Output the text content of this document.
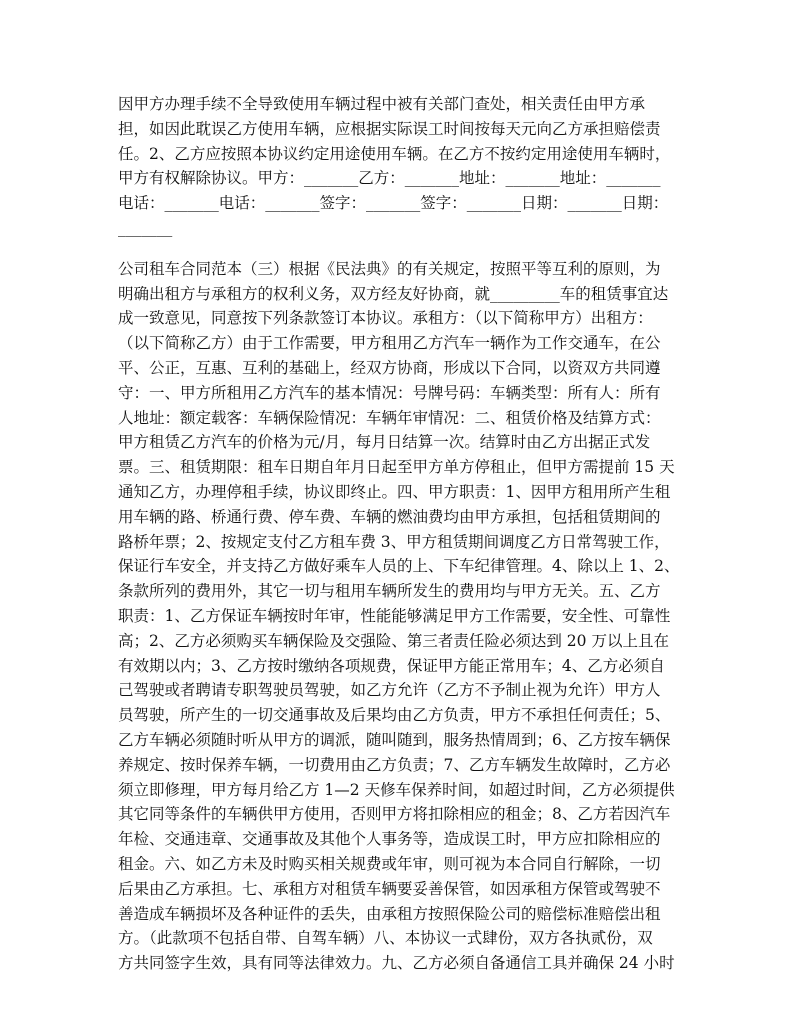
因甲方办理手续不全导致使用车辆过程中被有关部门查处，相关责任由甲方承
担，如因此耽误乙方使用车辆，应根据实际误工时间按每天元向乙方承担赔偿责
任。2、乙方应按照本协议约定用途使用车辆。在乙方不按约定用途使用车辆时，
甲方有权解除协议。甲方：_______乙方：_______地址：_______地址：_______
电话：_______电话：_______签字：_______签字：_______日期：_______日期：
_______
公司租车合同范本（三）根据《民法典》的有关规定，按照平等互利的原则，为
明确出租方与承租方的权利义务，双方经友好协商，就_________车的租赁事宜达
成一致意见，同意按下列条款签订本协议。承租方：（以下简称甲方）出租方：
（以下简称乙方）由于工作需要，甲方租用乙方汽车一辆作为工作交通车，在公
平、公正，互惠、互利的基础上，经双方协商，形成以下合同，以资双方共同遵
守：一、甲方所租用乙方汽车的基本情况：号牌号码：车辆类型：所有人：所有
人地址：额定载客：车辆保险情况：车辆年审情况：二、租赁价格及结算方式：
甲方租赁乙方汽车的价格为元/月，每月日结算一次。结算时由乙方出据正式发
票。三、租赁期限：租车日期自年月日起至甲方单方停租止，但甲方需提前 15 天
通知乙方，办理停租手续，协议即终止。四、甲方职责：1、因甲方租用所产生租
用车辆的路、桥通行费、停车费、车辆的燃油费均由甲方承担，包括租赁期间的
路桥年票；2、按规定支付乙方租车费 3、甲方租赁期间调度乙方日常驾驶工作，
保证行车安全，并支持乙方做好乘车人员的上、下车纪律管理。4、除以上 1、2、
条款所列的费用外，其它一切与租用车辆所发生的费用均与甲方无关。五、乙方
职责：1、乙方保证车辆按时年审，性能能够满足甲方工作需要，安全性、可靠性
高；2、乙方必须购买车辆保险及交强险、第三者责任险必须达到 20 万以上且在
有效期以内；3、乙方按时缴纳各项规费，保证甲方能正常用车；4、乙方必须自
己驾驶或者聘请专职驾驶员驾驶，如乙方允许（乙方不予制止视为允许）甲方人
员驾驶，所产生的一切交通事故及后果均由乙方负责，甲方不承担任何责任；5、
乙方车辆必须随时听从甲方的调派，随叫随到，服务热情周到；6、乙方按车辆保
养规定、按时保养车辆，一切费用由乙方负责；7、乙方车辆发生故障时，乙方必
须立即修理，甲方每月给乙方 1—2 天修车保养时间，如超过时间，乙方必须提供
其它同等条件的车辆供甲方使用，否则甲方将扣除相应的租金；8、乙方若因汽车
年检、交通违章、交通事故及其他个人事务等，造成误工时，甲方应扣除相应的
租金。六、如乙方未及时购买相关规费或年审，则可视为本合同自行解除，一切
后果由乙方承担。七、承租方对租赁车辆要妥善保管，如因承租方保管或驾驶不
善造成车辆损坏及各种证件的丢失，由承租方按照保险公司的赔偿标准赔偿出租
方。（此款项不包括自带、自驾车辆）八、本协议一式肆份，双方各执贰份，双
方共同签字生效，具有同等法律效力。九、乙方必须自备通信工具并确保 24 小时
